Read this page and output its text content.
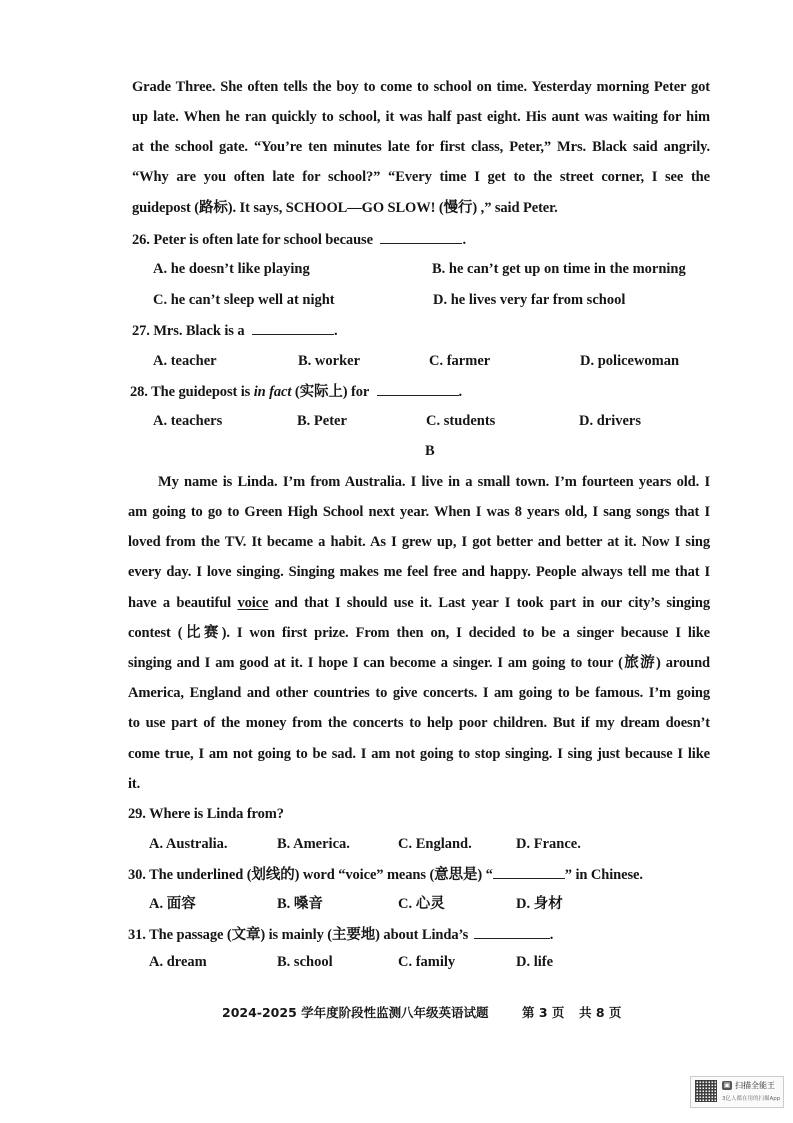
Grade Three. She often tells the boy to come to school on time. Yesterday morning Peter got
up late. When he ran quickly to school, it was half past eight. His aunt was waiting for him
at the school gate. “You’re ten minutes late for first class, Peter,” Mrs. Black said angrily.
“Why are you often late for school?” “Every time I get to the street corner, I see the
guidepost (路标). It says, SCHOOL—GO SLOW! (慢行) ,” said Peter.
26. Peter is often late for school because	.
A. he doesn’t like playing	B. he can’t get up on time in the morning
C. he can’t sleep well at night	D. he lives very far from school
27. Mrs. Black is a	.
A. teacher	B. worker	C. farmer	D. policewoman
28. The guidepost is in fact (实际上) for	.
A. teachers	B. Peter	C. students	D. drivers
B
My name is Linda. I’m from Australia. I live in a small town. I’m fourteen years old. I
am going to go to Green High School next year. When I was 8 years old, I sang songs that I
loved from the TV. It became a habit. As I grew up, I got better and better at it. Now I sing
every day. I love singing. Singing makes me feel free and happy. People always tell me that I
have a beautiful voice and that I should use it. Last year I took part in our city’s singing
contest (比赛). I won first prize. From then on, I decided to be a singer because I like
singing and I am good at it. I hope I can become a singer. I am going to tour (旅游) around
America, England and other countries to give concerts. I am going to be famous. I’m going
to use part of the money from the concerts to help poor children. But if my dream doesn’t
come true, I am not going to be sad. I am not going to stop singing. I sing just because I like
it.
29. Where is Linda from?
A. Australia.	B. America.	C. England.	D. France.
30. The underlined (划线的) word “voice” means (意思是) “	” in Chinese.
A. 面容	B. 嗓音	C. 心灵	D. 身材
31. The passage (文章) is mainly (主要地) about Linda’s	.
A. dream	B. school	C. family	D. life
2024-2025 学年度阶段性监测 八年级英语试题	第 3 页 共 8 页
▣ 扫描全能王
3亿人都在用的扫描App
